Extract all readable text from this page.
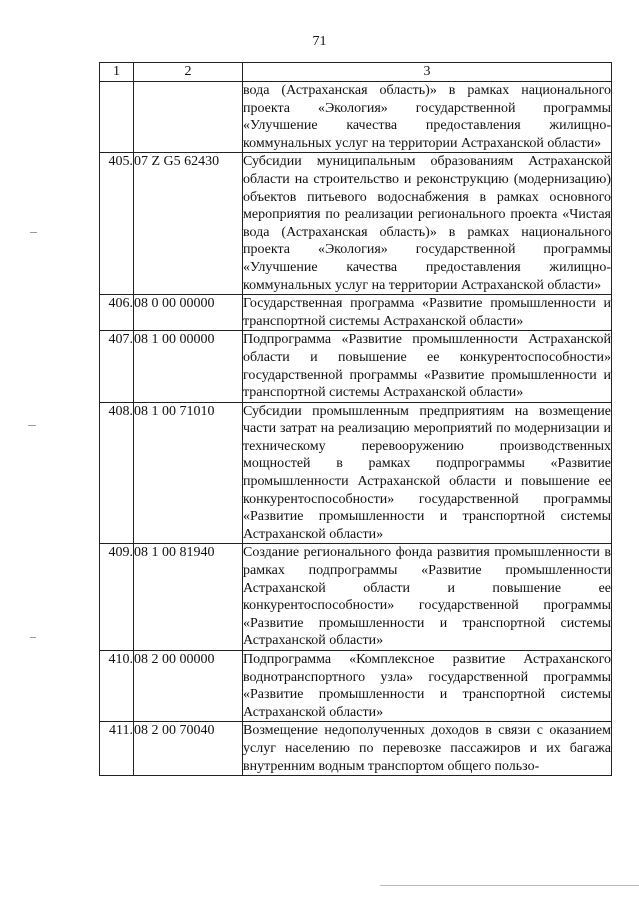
71
1	2	3
		вода (Астраханская область)» в рамках национального проекта «Экология» государственной программы «Улучшение качества предоставления жилищно-коммунальных услуг на территории Астраханской области»
405.	07 Z G5 62430	Субсидии муниципальным образованиям Астраханской области на строительство и реконструкцию (модернизацию) объектов питьевого водоснабжения в рамках основного мероприятия по реализации регионального проекта «Чистая вода (Астраханская область)» в рамках национального проекта «Экология» государственной программы «Улучшение качества предоставления жилищно-коммунальных услуг на территории Астраханской области»
406.	08 0 00 00000	Государственная программа «Развитие промышленности и транспортной системы Астраханской области»
407.	08 1 00 00000	Подпрограмма «Развитие промышленности Астраханской области и повышение ее конкурентоспособности» государственной программы «Развитие промышленности и транспортной системы Астраханской области»
408.	08 1 00 71010	Субсидии промышленным предприятиям на возмещение части затрат на реализацию мероприятий по модернизации и техническому перевооружению производственных мощностей в рамках подпрограммы «Развитие промышленности Астраханской области и повышение ее конкурентоспособности» государственной программы «Развитие промышленности и транспортной системы Астраханской области»
409.	08 1 00 81940	Создание регионального фонда развития промышленности в рамках подпрограммы «Развитие промышленности Астраханской области и повышение ее конкурентоспособности» государственной программы «Развитие промышленности и транспортной системы Астраханской области»
410.	08 2 00 00000	Подпрограмма «Комплексное развитие Астраханского воднотранспортного узла» государственной программы «Развитие промышленности и транспортной системы Астраханской области»
411.	08 2 00 70040	Возмещение недополученных доходов в связи с оказанием услуг населению по перевозке пассажиров и их багажа внутренним водным транспортом общего пользо-
